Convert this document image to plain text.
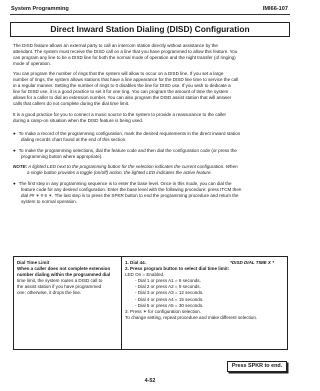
System Programming	IMI66-107
Direct Inward Station Dialing (DISD) Configuration
The DISD feature allows an external party to call an intercom station directly without assistance by the
attendant. The system must receive the DISD call on a line that you have programmed to allow this feature. You
can program any line to be a DISD line for both the normal mode of operation and the night transfer (of ringing)
mode of operation.
You can program the number of rings that the system will allow to occur on a DISD line. If you set a large
number of rings, the system allows stations that have a line appearance for the DISD line time to service the call
in a regular manner. Setting the number of rings to 0 disables the line for DISD use. If you wish to dedicate a
line for DISD use, it is a good practice to set it for one ring. You can program the amount of time the system
allows for a caller to dial an extension number. You can also program the DISD assist station that will answer
calls that callers do not complete during the dial time limit.
It is a good practice for you to connect a music source to the system to provide a reassurance to the caller
during a camp-on situation when the DISD feature is being used.
● To make a record of the programming configuration, mark the desired requirements in the direct inward station
dialing records chart found at the end of this section.
● To make the programming selections, dial the feature code and then dial the configuration code (or press the
programming button where appropriate).
NOTE: A lighted LED next to the programming button for the selection indicates the current configuration. When
a single button provides a toggle (on/off) action, the lighted LED indicates the active feature.
● The first step in any programming sequence is to enter the base level. Once in this mode, you can dial the
feature code for any desired configuration. Enter the base level with the following procedure: press ITCM then
dial ## ✶ # 6 ✶. The last step is to press the SPKR button to end the programming procedure and return the
system to normal operation.
Dial Time Limit
When a caller does not complete extension
number dialing within the programmed dial
time limit, the system routes a DISD call to
the assist station if you have programmed
one; otherwise, it drops the line.
1. Dial 44.	*DISD DIAL TIME X *
2. Press program button to select dial time limit:
LED On = Enabled.
- Dial 1 or press A1 = 6 seconds.
- Dial 2 or press A2 = 9 seconds.
- Dial 3 or press A3 = 12 seconds.
- Dial 4 or press A4 = 15 seconds.
- Dial 5 or press A5 = 30 seconds.
3. Press ✶ for configuration selection.
To change setting, repeat procedure and make different selection.
Press SPKR to end.
4-52
